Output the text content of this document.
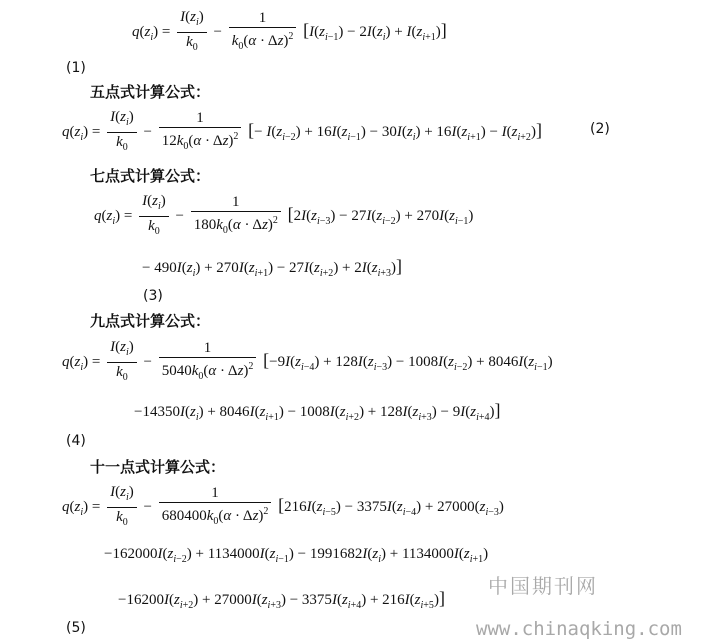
$q(z_i) = \frac{I(z_i)}{k_0} - \frac{1}{k_0(\alpha \cdot \Delta z)^2} [I(z_{i-1}) - 2I(z_i) + I(z_{i+1})]$
(1)
五点式计算公式：
$q(z_i) = \frac{I(z_i)}{k_0} - \frac{1}{12k_0(\alpha \cdot \Delta z)^2}$ [− $I(z_{i-2}) + 16I(z_{i-1}) - 30I(z_i) + 16I(z_{i+1}) - I(z_{i+2})$]	(2)
七点式计算公式：
$q(z_i) = \frac{I(z_i)}{k_0} - \frac{1}{180k_0(\alpha \cdot \Delta z)^2} [2I(z_{i-3}) - 27I(z_{i-2}) + 270I(z_{i-1})$
− $490I(z_i) + 270I(z_{i+1}) - 27I(z_{i+2}) + 2I(z_{i+3})$]
(3)
九点式计算公式：
$q(z_i) = \frac{I(z_i)}{k_0} - \frac{1}{5040k_0(\alpha \cdot \Delta z)^2} [-9I(z_{i-4}) + 128I(z_{i-3}) - 1008I(z_{i-2}) + 8046I(z_{i-1})$
$-14350I(z_i) + 8046I(z_{i+1}) - 1008I(z_{i+2}) + 128I(z_{i+3}) - 9I(z_{i+4})$]
(4)
十一点式计算公式：
$q(z_i) = \frac{I(z_i)}{k_0} - \frac{1}{680400k_0(\alpha \cdot \Delta z)^2} [216I(z_{i-5}) - 3375I(z_{i-4}) + 27000(z_{i-3})$
$-162000I(z_{i-2}) + 1134000I(z_{i-1}) - 1991682I(z_i) + 1134000I(z_{i+1})$
$-16200I(z_{i+2}) + 27000I(z_{i+3}) - 3375I(z_{i+4}) + 216I(z_{i+5})$]
(5)
中国期刊网
www.chinaqking.com
